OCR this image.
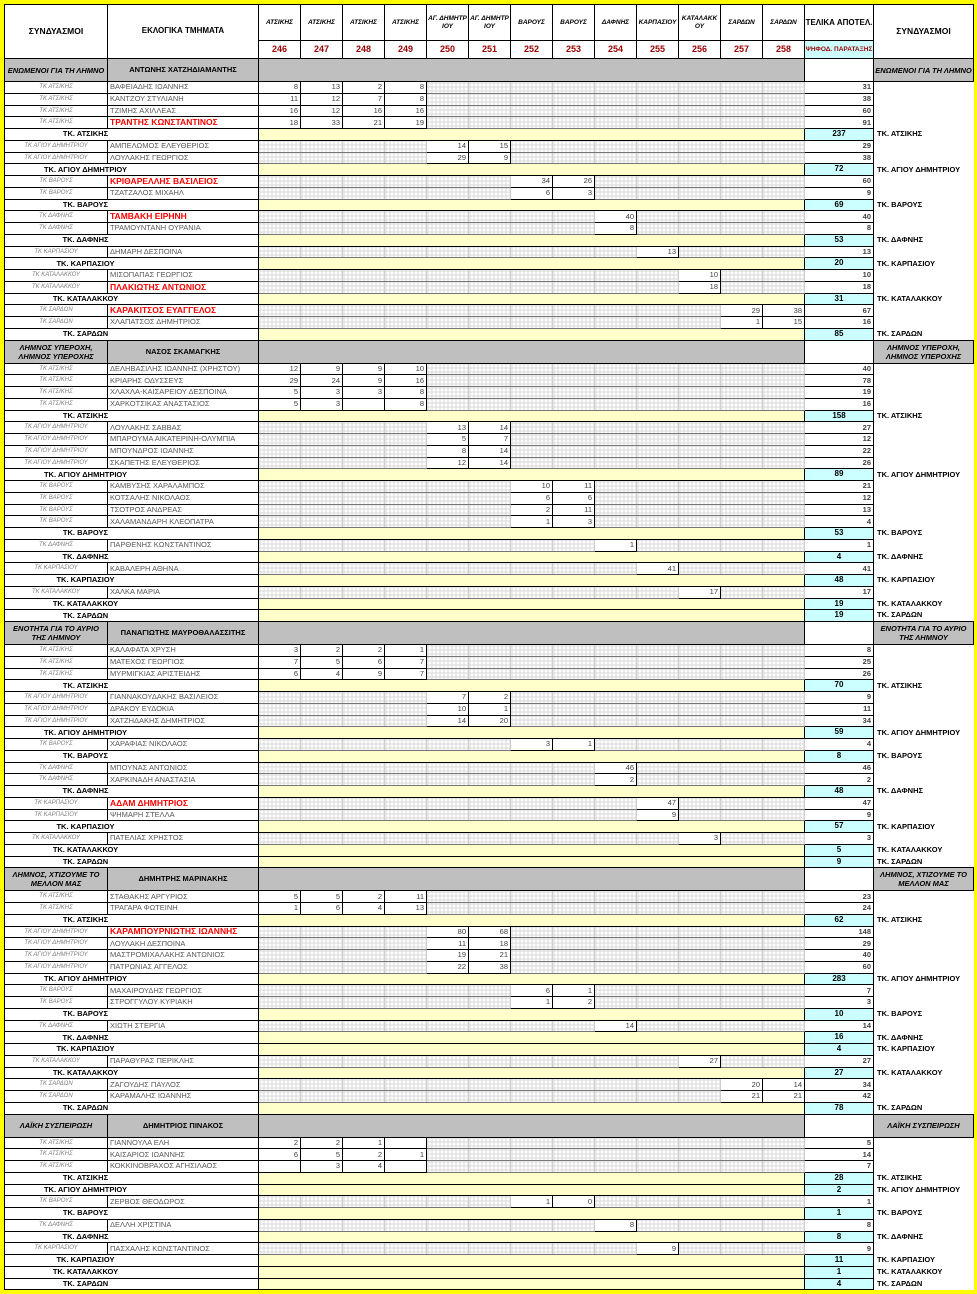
ΣΥΝΔΥΑΣΜΟΙ	ΕΚΛΟΓΙΚΑ ΤΜΗΜΑΤΑ	ΑΤΣΙΚΗΣ	ΑΤΣΙΚΗΣ	ΑΤΣΙΚΗΣ	ΑΤΣΙΚΗΣ	ΑΓ. ΔΗΜΗΤΡΙΟΥ	ΑΓ. ΔΗΜΗΤΡΙΟΥ	ΒΑΡΟΥΣ	ΒΑΡΟΥΣ	ΔΑΦΝΗΣ	ΚΑΡΠΑΣΙΟΥ	ΚΑΤΑΛΑΚΚΟΥ	ΣΑΡΔΩΝ	ΣΑΡΔΩΝ	ΤΕΛΙΚΑ ΑΠΟΤΕΛ.	ΣΥΝΔΥΑΣΜΟΙ
		246	247	248	249	250	251	252	253	254	255	256	257	258	ΨΗΦΟΔ. ΠΑΡΑΤΑΞΗΣ	
ΕΝΩΜΕΝΟΙ ΓΙΑ ΤΗ ΛΗΜΝΟ	ΑΝΤΩΝΗΣ ΧΑΤΖΗΔΙΑΜΑΝΤΗΣ															ΕΝΩΜΕΝΟΙ ΓΙΑ ΤΗ ΛΗΜΝΟ
ΤΚ ΑΤΣΙΚΗΣ	ΒΑΦΕΙΑΔΗΣ ΙΩΑΝΝΗΣ	8	13	2	8										31	
ΤΚ ΑΤΣΙΚΗΣ	ΚΑΝΤΖΟΥ ΣΤΥΛΙΑΝΗ	11	12	7	8										38	
ΤΚ ΑΤΣΙΚΗΣ	ΤΖΙΜΗΣ ΑΧΙΛΛΕΑΣ	16	12	16	16										60	
ΤΚ ΑΤΣΙΚΗΣ	ΤΡΑΝΤΗΣ ΚΩΝΣΤΑΝΤΙΝΟΣ	18	33	21	19										91	
ΤΚ. ΑΤΣΙΚΗΣ															237	ΤΚ. ΑΤΣΙΚΗΣ
ΤΚ ΑΓΙΟΥ ΔΗΜΗΤΡΙΟΥ	ΑΜΠΕΛΩΜΟΣ ΕΛΕΥΘΕΡΙΟΣ					14	15								29	
ΤΚ ΑΓΙΟΥ ΔΗΜΗΤΡΙΟΥ	ΛΟΥΛΑΚΗΣ ΓΕΩΡΓΙΟΣ					29	9								38	
ΤΚ. ΑΓΙΟΥ ΔΗΜΗΤΡΙΟΥ															72	ΤΚ. ΑΓΙΟΥ ΔΗΜΗΤΡΙΟΥ
ΤΚ ΒΑΡΟΥΣ	ΚΡΙΘΑΡΕΛΛΗΣ ΒΑΣΙΛΕΙΟΣ							34	26						60	
ΤΚ ΒΑΡΟΥΣ	ΤΖΑΤΖΑΛΟΣ ΜΙΧΑΗΛ							6	3						9	
ΤΚ. ΒΑΡΟΥΣ															69	ΤΚ. ΒΑΡΟΥΣ
ΤΚ ΔΑΦΝΗΣ	ΤΑΜΒΑΚΗ ΕΙΡΗΝΗ									40					40	
ΤΚ ΔΑΦΝΗΣ	ΤΡΑΜΟΥΝΤΑΝΗ ΟΥΡΑΝΙΑ									8					8	
ΤΚ. ΔΑΦΝΗΣ															53	ΤΚ. ΔΑΦΝΗΣ
ΤΚ ΚΑΡΠΑΣΙΟΥ	ΔΗΜΑΡΗ ΔΕΣΠΟΙΝΑ										13				13	
ΤΚ. ΚΑΡΠΑΣΙΟΥ															20	ΤΚ. ΚΑΡΠΑΣΙΟΥ
ΤΚ ΚΑΤΑΛΑΚΚΟΥ	ΜΙΣΟΠΑΠΑΣ ΓΕΩΡΓΙΟΣ											10			10	
ΤΚ ΚΑΤΑΛΑΚΚΟΥ	ΠΛΑΚΙΩΤΗΣ ΑΝΤΩΝΙΟΣ											18			18	
ΤΚ. ΚΑΤΑΛΑΚΚΟΥ															31	ΤΚ. ΚΑΤΑΛΑΚΚΟΥ
ΤΚ ΣΑΡΔΩΝ	ΚΑΡΑΚΙΤΣΟΣ ΕΥΑΓΓΕΛΟΣ												29	38	67	
ΤΚ ΣΑΡΔΩΝ	ΧΛΑΠΑΤΣΟΣ ΔΗΜΗΤΡΙΟΣ												1	15	16	
ΤΚ. ΣΑΡΔΩΝ															85	ΤΚ. ΣΑΡΔΩΝ
ΛΗΜΝΟΣ ΥΠΕΡΟΧΗ, ΛΗΜΝΟΣ ΥΠΕΡΟΧΗΣ	ΝΑΣΟΣ ΣΚΑΜΑΓΚΗΣ															ΛΗΜΝΟΣ ΥΠΕΡΟΧΗ, ΛΗΜΝΟΣ ΥΠΕΡΟΧΗΣ
ΤΚ ΑΤΣΙΚΗΣ	ΔΕΛΗΒΑΣΙΛΗΣ ΙΩΑΝΝΗΣ (ΧΡΗΣΤΟΥ)	12	9	9	10										40	
ΤΚ ΑΤΣΙΚΗΣ	ΚΡΙΑΡΗΣ ΟΔΥΣΣΕΥΣ	29	24	9	16										78	
ΤΚ ΑΤΣΙΚΗΣ	ΧΛΑΧΛΑ-ΚΑΙΣΑΡΕΙΟΥ ΔΕΣΠΟΙΝΑ	5	3	3	8										19	
ΤΚ ΑΤΣΙΚΗΣ	ΧΑΡΚΟΤΣΙΚΑΣ ΑΝΑΣΤΑΣΙΟΣ	5	3		8										16	
ΤΚ. ΑΤΣΙΚΗΣ															158	ΤΚ. ΑΤΣΙΚΗΣ
ΤΚ ΑΓΙΟΥ ΔΗΜΗΤΡΙΟΥ	ΛΟΥΛΑΚΗΣ ΣΑΒΒΑΣ					13	14								27	
ΤΚ ΑΓΙΟΥ ΔΗΜΗΤΡΙΟΥ	ΜΠΑΡΟΥΜΑ ΑΙΚΑΤΕΡΙΝΗ-ΟΛΥΜΠΙΑ					5	7								12	
ΤΚ ΑΓΙΟΥ ΔΗΜΗΤΡΙΟΥ	ΜΠΟΥΝΔΡΟΣ ΙΩΑΝΝΗΣ					8	14								22	
ΤΚ ΑΓΙΟΥ ΔΗΜΗΤΡΙΟΥ	ΣΚΑΠΕΤΗΣ ΕΛΕΥΘΕΡΙΟΣ					12	14								26	
ΤΚ. ΑΓΙΟΥ ΔΗΜΗΤΡΙΟΥ															89	ΤΚ. ΑΓΙΟΥ ΔΗΜΗΤΡΙΟΥ
ΤΚ ΒΑΡΟΥΣ	ΚΑΜΒΥΣΗΣ ΧΑΡΑΛΑΜΠΟΣ							10	11						21	
ΤΚ ΒΑΡΟΥΣ	ΚΟΤΣΑΛΗΣ ΝΙΚΟΛΑΟΣ							6	6						12	
ΤΚ ΒΑΡΟΥΣ	ΤΣΟΤΡΟΣ ΑΝΔΡΕΑΣ							2	11						13	
ΤΚ ΒΑΡΟΥΣ	ΧΑΛΑΜΑΝΔΑΡΗ ΚΛΕΟΠΑΤΡΑ							1	3						4	
ΤΚ. ΒΑΡΟΥΣ															53	ΤΚ. ΒΑΡΟΥΣ
ΤΚ ΔΑΦΝΗΣ	ΠΑΡΘΕΝΗΣ ΚΩΝΣΤΑΝΤΙΝΟΣ									1					1	
ΤΚ. ΔΑΦΝΗΣ															4	ΤΚ. ΔΑΦΝΗΣ
ΤΚ ΚΑΡΠΑΣΙΟΥ	ΚΑΒΑΛΕΡΗ ΑΘΗΝΑ										41				41	
ΤΚ. ΚΑΡΠΑΣΙΟΥ															48	ΤΚ. ΚΑΡΠΑΣΙΟΥ
ΤΚ ΚΑΤΑΛΑΚΚΟΥ	ΧΑΛΚΑ ΜΑΡΙΑ											17			17	
ΤΚ. ΚΑΤΑΛΑΚΚΟΥ															19	ΤΚ. ΚΑΤΑΛΑΚΚΟΥ
ΤΚ. ΣΑΡΔΩΝ															19	ΤΚ. ΣΑΡΔΩΝ
ΕΝΟΤΗΤΑ ΓΙΑ ΤΟ ΑΥΡΙΟ ΤΗΣ ΛΗΜΝΟΥ	ΠΑΝΑΓΙΩΤΗΣ ΜΑΥΡΟΘΑΛΑΣΣΙΤΗΣ															ΕΝΟΤΗΤΑ ΓΙΑ ΤΟ ΑΥΡΙΟ ΤΗΣ ΛΗΜΝΟΥ
ΤΚ ΑΤΣΙΚΗΣ	ΚΑΛΑΦΑΤΑ ΧΡΥΣΗ	3	2	2	1										8	
ΤΚ ΑΤΣΙΚΗΣ	ΜΑΤΕΧΟΣ ΓΕΩΡΓΙΟΣ	7	5	6	7										25	
ΤΚ ΑΤΣΙΚΗΣ	ΜΥΡΜΙΓΚΙΑΣ ΑΡΙΣΤΕΙΔΗΣ	6	4	9	7										26	
ΤΚ. ΑΤΣΙΚΗΣ															70	ΤΚ. ΑΤΣΙΚΗΣ
ΤΚ ΑΓΙΟΥ ΔΗΜΗΤΡΙΟΥ	ΓΙΑΝΝΑΚΟΥΔΑΚΗΣ ΒΑΣΙΛΕΙΟΣ					7	2								9	
ΤΚ ΑΓΙΟΥ ΔΗΜΗΤΡΙΟΥ	ΔΡΑΚΟΥ ΕΥΔΟΚΙΑ					10	1								11	
ΤΚ ΑΓΙΟΥ ΔΗΜΗΤΡΙΟΥ	ΧΑΤΖΗΔΑΚΗΣ ΔΗΜΗΤΡΙΟΣ					14	20								34	
ΤΚ. ΑΓΙΟΥ ΔΗΜΗΤΡΙΟΥ															59	ΤΚ. ΑΓΙΟΥ ΔΗΜΗΤΡΙΟΥ
ΤΚ ΒΑΡΟΥΣ	ΧΑΡΑΦΙΑΣ ΝΙΚΟΛΑΟΣ							3	1						4	
ΤΚ. ΒΑΡΟΥΣ															8	ΤΚ. ΒΑΡΟΥΣ
ΤΚ ΔΑΦΝΗΣ	ΜΠΟΥΝΑΣ ΑΝΤΩΝΙΟΣ									46					46	
ΤΚ ΔΑΦΝΗΣ	ΧΑΡΚΙΝΑΔΗ ΑΝΑΣΤΑΣΙΑ									2					2	
ΤΚ. ΔΑΦΝΗΣ															48	ΤΚ. ΔΑΦΝΗΣ
ΤΚ ΚΑΡΠΑΣΙΟΥ	ΑΔΑΜ ΔΗΜΗΤΡΙΟΣ										47				47	
ΤΚ ΚΑΡΠΑΣΙΟΥ	ΨΗΜΑΡΗ ΣΤΕΛΛΑ										9				9	
ΤΚ. ΚΑΡΠΑΣΙΟΥ															57	ΤΚ. ΚΑΡΠΑΣΙΟΥ
ΤΚ ΚΑΤΑΛΑΚΚΟΥ	ΠΑΤΕΛΙΑΣ ΧΡΗΣΤΟΣ											3			3	
ΤΚ. ΚΑΤΑΛΑΚΚΟΥ															5	ΤΚ. ΚΑΤΑΛΑΚΚΟΥ
ΤΚ. ΣΑΡΔΩΝ															9	ΤΚ. ΣΑΡΔΩΝ
ΛΗΜΝΟΣ, ΧΤΙΖΟΥΜΕ ΤΟ ΜΕΛΛΟΝ ΜΑΣ	ΔΗΜΗΤΡΗΣ ΜΑΡΙΝΑΚΗΣ															ΛΗΜΝΟΣ, ΧΤΙΖΟΥΜΕ ΤΟ ΜΕΛΛΟΝ ΜΑΣ
ΤΚ ΑΤΣΙΚΗΣ	ΣΤΑΘΑΚΗΣ ΑΡΓΥΡΙΟΣ	5	5	2	11										23	
ΤΚ ΑΤΣΙΚΗΣ	ΤΡΑΓΑΡΑ ΦΩΤΕΙΝΗ	1	6	4	13										24	
ΤΚ. ΑΤΣΙΚΗΣ															62	ΤΚ. ΑΤΣΙΚΗΣ
ΤΚ ΑΓΙΟΥ ΔΗΜΗΤΡΙΟΥ	ΚΑΡΑΜΠΟΥΡΝΙΩΤΗΣ ΙΩΑΝΝΗΣ					80	68								148	
ΤΚ ΑΓΙΟΥ ΔΗΜΗΤΡΙΟΥ	ΛΟΥΛΑΚΗ ΔΕΣΠΟΙΝΑ					11	18								29	
ΤΚ ΑΓΙΟΥ ΔΗΜΗΤΡΙΟΥ	ΜΑΣΤΡΟΜΙΧΑΛΑΚΗΣ ΑΝΤΩΝΙΟΣ					19	21								40	
ΤΚ ΑΓΙΟΥ ΔΗΜΗΤΡΙΟΥ	ΠΑΤΡΩΝΙΑΣ ΑΓΓΕΛΟΣ					22	38								60	
ΤΚ. ΑΓΙΟΥ ΔΗΜΗΤΡΙΟΥ															283	ΤΚ. ΑΓΙΟΥ ΔΗΜΗΤΡΙΟΥ
ΤΚ ΒΑΡΟΥΣ	ΜΑΧΑΙΡΟΥΔΗΣ ΓΕΩΡΓΙΟΣ							6	1						7	
ΤΚ ΒΑΡΟΥΣ	ΣΤΡΟΓΓΥΛΟΥ ΚΥΡΙΑΚΗ							1	2						3	
ΤΚ. ΒΑΡΟΥΣ															10	ΤΚ. ΒΑΡΟΥΣ
ΤΚ ΔΑΦΝΗΣ	ΧΙΩΤΗ ΣΤΕΡΓΙΑ									14					14	
ΤΚ. ΔΑΦΝΗΣ															16	ΤΚ. ΔΑΦΝΗΣ
ΤΚ. ΚΑΡΠΑΣΙΟΥ															4	ΤΚ. ΚΑΡΠΑΣΙΟΥ
ΤΚ ΚΑΤΑΛΑΚΚΟΥ	ΠΑΡΑΘΥΡΑΣ ΠΕΡΙΚΛΗΣ											27			27	
ΤΚ. ΚΑΤΑΛΑΚΚΟΥ															27	ΤΚ. ΚΑΤΑΛΑΚΚΟΥ
ΤΚ ΣΑΡΔΩΝ	ΖΑΓΟΥΔΗΣ ΠΑΥΛΟΣ												20	14	34	
ΤΚ ΣΑΡΔΩΝ	ΚΑΡΑΜΑΛΗΣ ΙΩΑΝΝΗΣ												21	21	42	
ΤΚ. ΣΑΡΔΩΝ															78	ΤΚ. ΣΑΡΔΩΝ
ΛΑΪΚΗ ΣΥΣΠΕΙΡΩΣΗ	ΔΗΜΗΤΡΙΟΣ ΠΙΝΑΚΟΣ															ΛΑΪΚΗ ΣΥΣΠΕΙΡΩΣΗ
ΤΚ ΑΤΣΙΚΗΣ	ΓΙΑΝΝΟΥΛΑ ΕΛΗ	2	2	1											5	
ΤΚ ΑΤΣΙΚΗΣ	ΚΑΙΣΑΡΙΟΣ ΙΩΑΝΝΗΣ	6	5	2	1										14	
ΤΚ ΑΤΣΙΚΗΣ	ΚΟΚΚΙΝΟΒΡΑΧΟΣ ΑΓΗΣΙΛΑΟΣ		3	4											7	
ΤΚ. ΑΤΣΙΚΗΣ															28	ΤΚ. ΑΤΣΙΚΗΣ
ΤΚ. ΑΓΙΟΥ ΔΗΜΗΤΡΙΟΥ															2	ΤΚ. ΑΓΙΟΥ ΔΗΜΗΤΡΙΟΥ
ΤΚ ΒΑΡΟΥΣ	ΖΕΡΒΟΣ ΘΕΟΔΩΡΟΣ							1	0						1	
ΤΚ. ΒΑΡΟΥΣ															1	ΤΚ. ΒΑΡΟΥΣ
ΤΚ ΔΑΦΝΗΣ	ΔΕΛΛΗ ΧΡΙΣΤΙΝΑ									8					8	
ΤΚ. ΔΑΦΝΗΣ															8	ΤΚ. ΔΑΦΝΗΣ
ΤΚ ΚΑΡΠΑΣΙΟΥ	ΠΑΣΧΑΛΗΣ ΚΩΝΣΤΑΝΤΙΝΟΣ										9				9	
ΤΚ. ΚΑΡΠΑΣΙΟΥ															11	ΤΚ. ΚΑΡΠΑΣΙΟΥ
ΤΚ. ΚΑΤΑΛΑΚΚΟΥ															1	ΤΚ. ΚΑΤΑΛΑΚΚΟΥ
ΤΚ. ΣΑΡΔΩΝ															4	ΤΚ. ΣΑΡΔΩΝ
